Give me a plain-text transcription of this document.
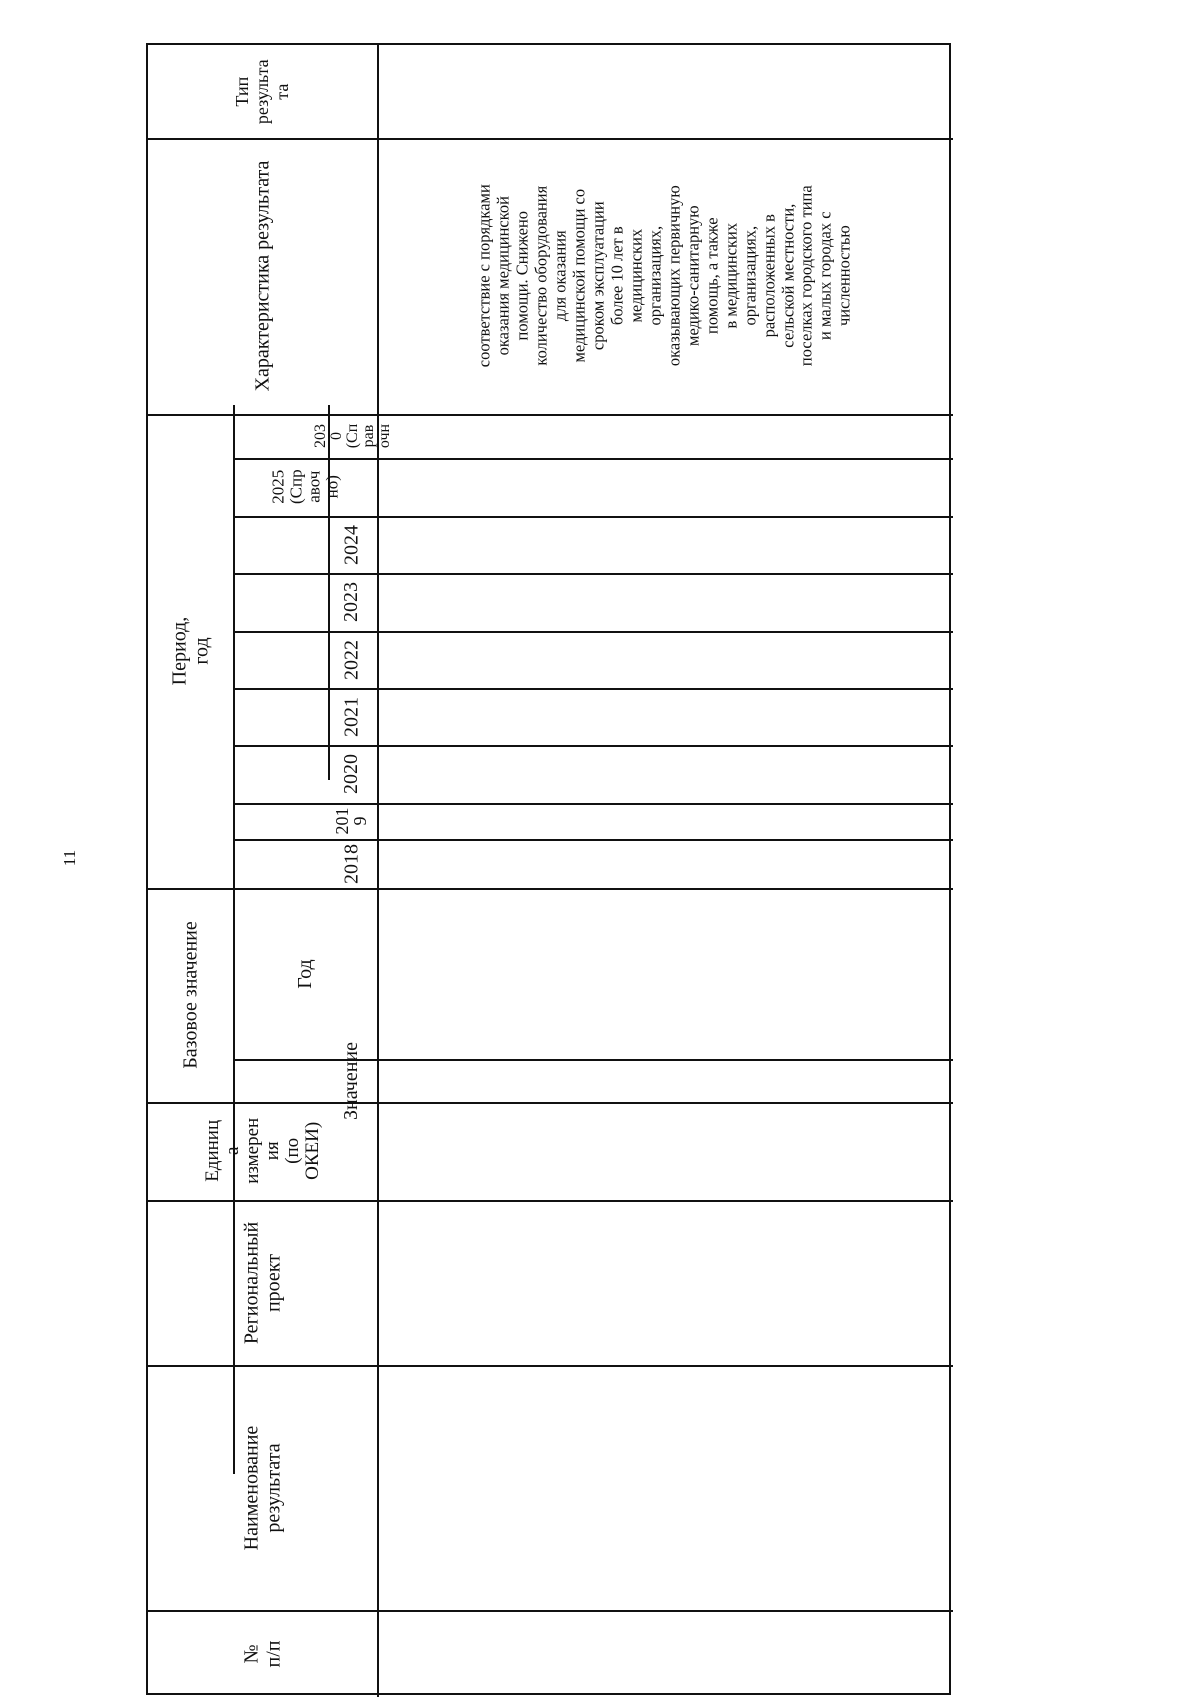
11
Тип
результа
та
Характеристика результата
Период, год
203
0
(Сп
рав
очн
2025
(Спр
авоч
но)
2024
2023
2022
2021
2020
201
9
2018
Базовое значение	Год
Значение
Единиц
а
измерен
ия
(по
ОКЕИ)
Региональный
проект
Наименование
результата
№
п/п
соответствие с порядками
оказания медицинской
помощи. Снижено
количество оборудования
для оказания
медицинской помощи со
сроком эксплуатации
более 10 лет в
медицинских
организациях,
оказывающих первичную
медико-санитарную
помощь, а также
в медицинских
организациях,
расположенных в
сельской местности,
поселках городского типа
и малых городах с
численностью
